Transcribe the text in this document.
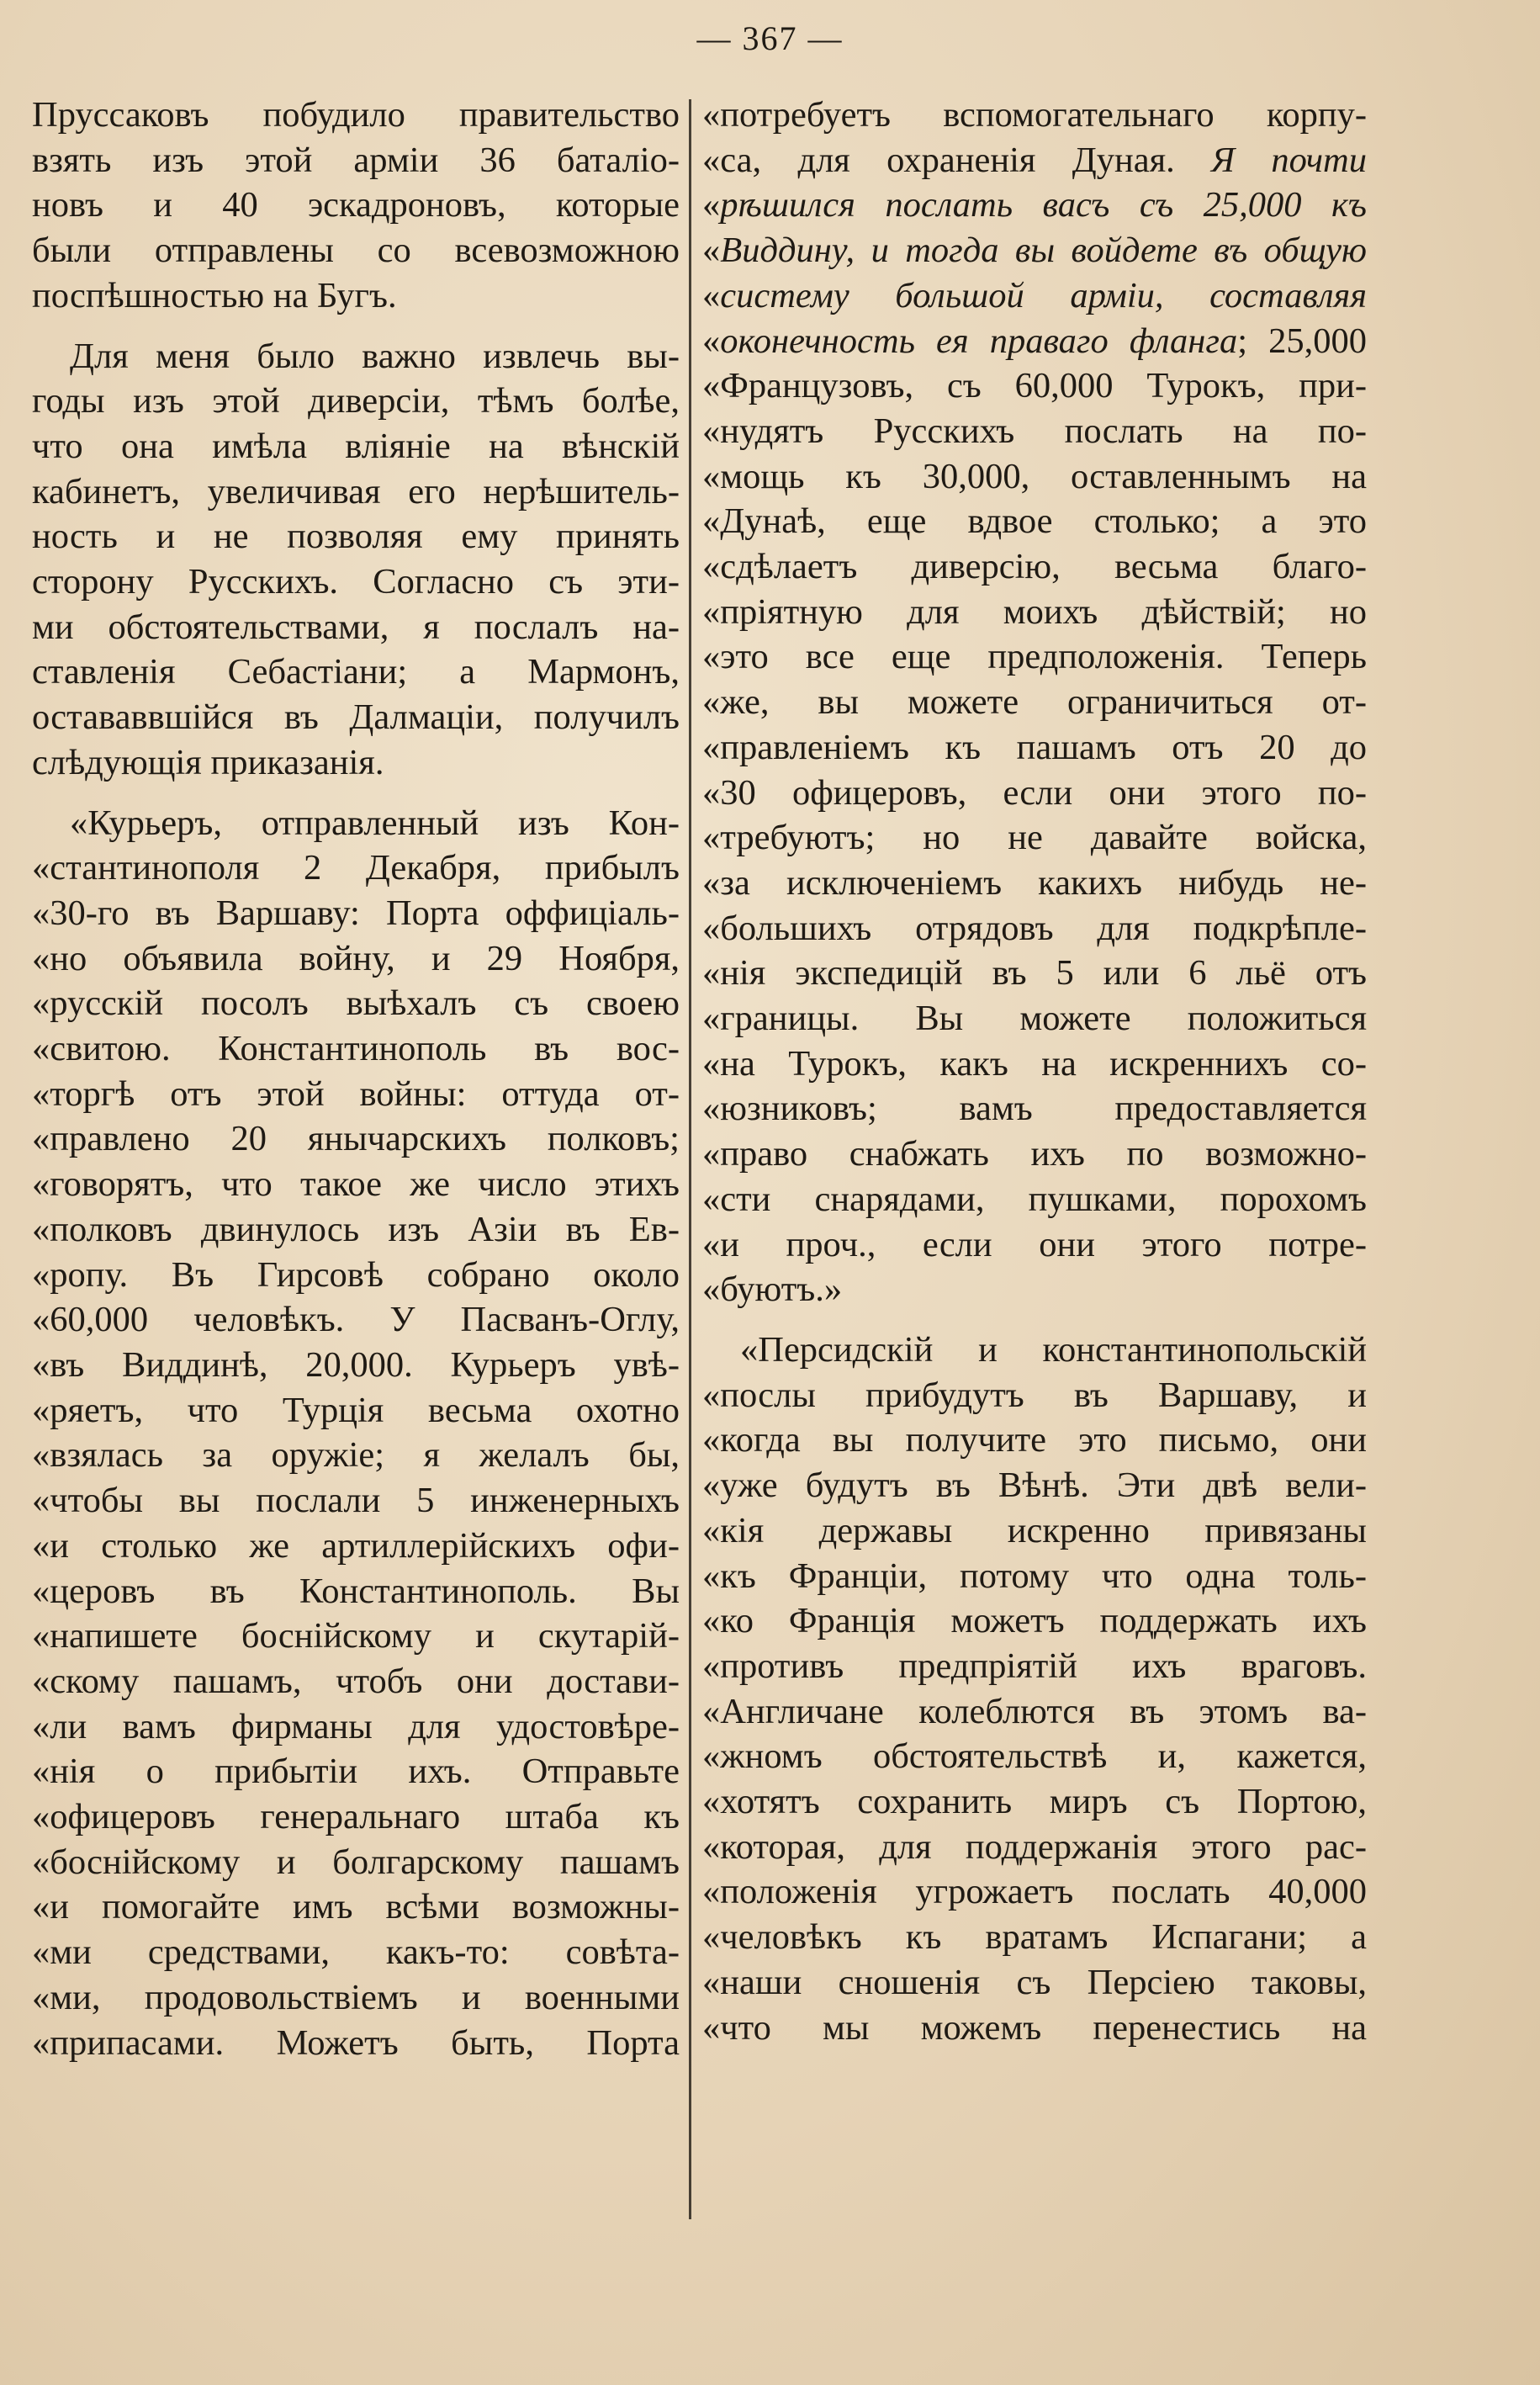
— 367 —
Пруссаковъ побудило правительство
взять изъ этой арміи 36 баталіо-
новъ и 40 эскадроновъ, которые
были отправлены со всевозможною
поспѣшностью на Бугъ.
Для меня было важно извлечь вы-
годы изъ этой диверсіи, тѣмъ болѣе,
что она имѣла вліяніе на вѣнскій
кабинетъ, увеличивая его нерѣшитель-
ность и не позволяя ему принять
сторону Русскихъ. Согласно съ эти-
ми обстоятельствами, я послалъ на-
ставленія Себастіани; а Мармонъ,
остававвшійся въ Далмаціи, получилъ
слѣдующія приказанія.
«Курьеръ, отправленный изъ Кон-
«стантинополя 2 Декабря, прибылъ
«30-го въ Варшаву: Порта оффиціаль-
«но объявила войну, и 29 Ноября,
«русскій посолъ выѣхалъ съ своею
«свитою. Константинополь въ вос-
«торгѣ отъ этой войны: оттуда от-
«правлено 20 янычарскихъ полковъ;
«говорятъ, что такое же число этихъ
«полковъ двинулось изъ Азіи въ Ев-
«ропу. Въ Гирсовѣ собрано около
«60,000 человѣкъ. У Пасванъ-Оглу,
«въ Виддинѣ, 20,000. Курьеръ увѣ-
«ряетъ, что Турція весьма охотно
«взялась за оружіе; я желалъ бы,
«чтобы вы послали 5 инженерныхъ
«и столько же артиллерійскихъ офи-
«церовъ въ Константинополь. Вы
«напишете боснійскому и скутарій-
«скому пашамъ, чтобъ они достави-
«ли вамъ фирманы для удостовѣре-
«нія о прибытіи ихъ. Отправьте
«офицеровъ генеральнаго штаба къ
«боснійскому и болгарскому пашамъ
«и помогайте имъ всѣми возможны-
«ми средствами, какъ-то: совѣта-
«ми, продовольствіемъ и военными
«припасами. Можетъ быть, Порта
«потребуетъ вспомогательнаго корпу-
«са, для охраненія Дуная. Я почти
«рѣшился послать васъ съ 25,000 къ
«Виддину, и тогда вы войдете въ общую
«систему большой арміи, составляя
«оконечность ея праваго фланга; 25,000
«Французовъ, съ 60,000 Турокъ, при-
«нудятъ Русскихъ послать на по-
«мощь къ 30,000, оставленнымъ на
«Дунаѣ, еще вдвое столько; а это
«сдѣлаетъ диверсію, весьма благо-
«пріятную для моихъ дѣйствій; но
«это все еще предположенія. Теперь
«же, вы можете ограничиться от-
«правленіемъ къ пашамъ отъ 20 до
«30 офицеровъ, если они этого по-
«требуютъ; но не давайте войска,
«за исключеніемъ какихъ нибудь не-
«большихъ отрядовъ для подкрѣпле-
«нія экспедицій въ 5 или 6 льё отъ
«границы. Вы можете положиться
«на Турокъ, какъ на искреннихъ со-
«юзниковъ; вамъ предоставляется
«право снабжать ихъ по возможно-
«сти снарядами, пушками, порохомъ
«и проч., если они этого потре-
«буютъ.»
«Персидскій и константинопольскій
«послы прибудутъ въ Варшаву, и
«когда вы получите это письмо, они
«уже будутъ въ Вѣнѣ. Эти двѣ вели-
«кія державы искренно привязаны
«къ Франціи, потому что одна толь-
«ко Франція можетъ поддержать ихъ
«противъ предпріятій ихъ враговъ.
«Англичане колеблются въ этомъ ва-
«жномъ обстоятельствѣ и, кажется,
«хотятъ сохранить миръ съ Портою,
«которая, для поддержанія этого рас-
«положенія угрожаетъ послать 40,000
«человѣкъ къ вратамъ Испагани; а
«наши сношенія съ Персіею таковы,
«что мы можемъ перенестись на
